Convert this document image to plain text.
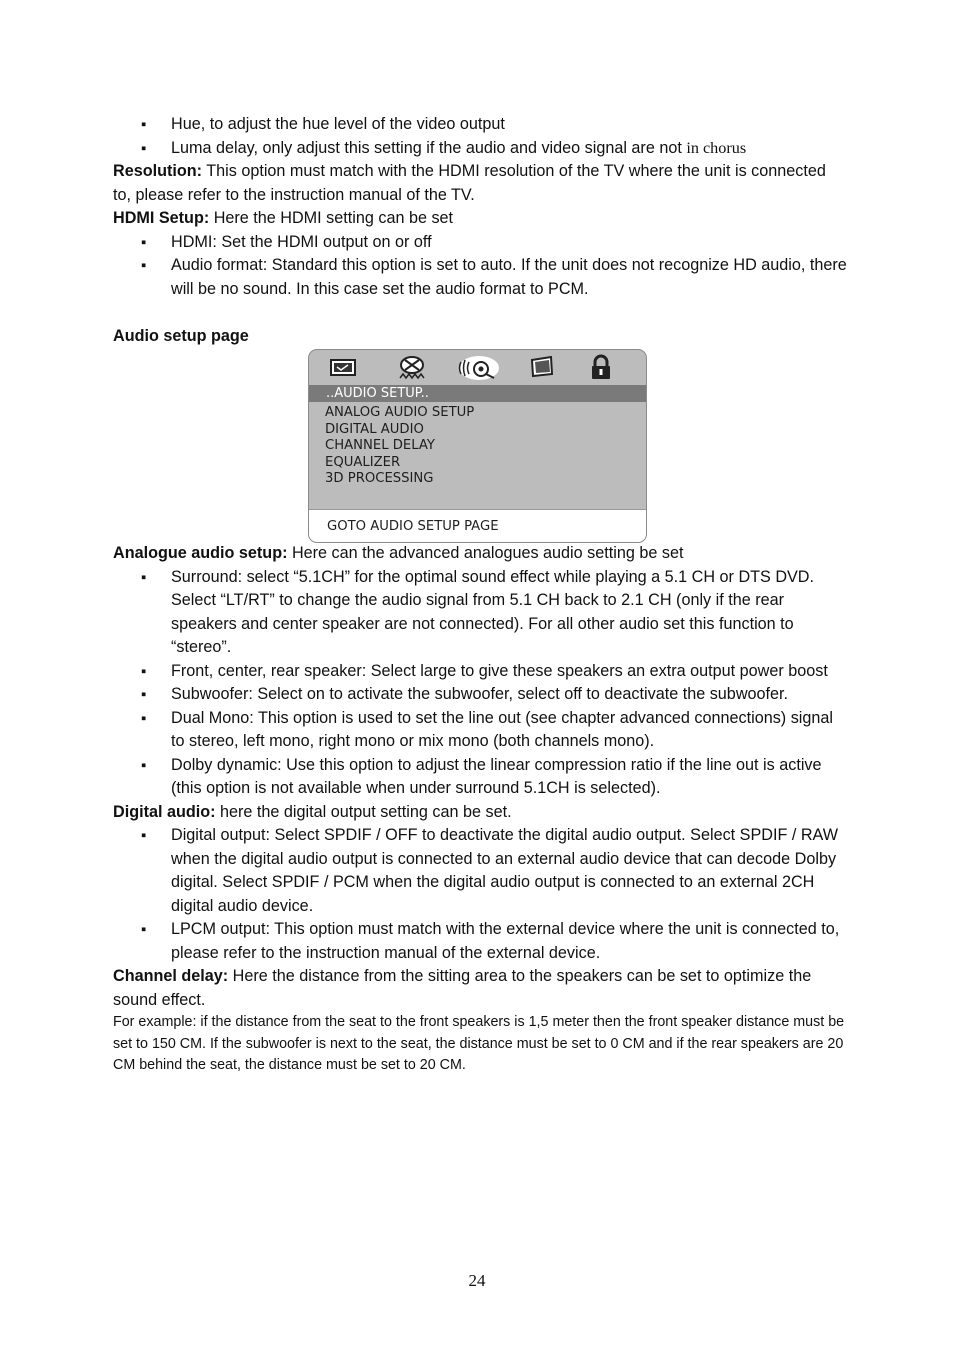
▪ Hue, to adjust the hue level of the video output
▪ Luma delay, only adjust this setting if the audio and video signal are not in chorus
Resolution: This option must match with the HDMI resolution of the TV where the unit is connected to, please refer to the instruction manual of the TV.
HDMI Setup: Here the HDMI setting can be set
▪ HDMI: Set the HDMI output on or off
▪ Audio format: Standard this option is set to auto. If the unit does not recognize HD audio, there will be no sound. In this case set the audio format to PCM.
Audio setup page
..AUDIO SETUP..
ANALOG AUDIO SETUP
DIGITAL AUDIO
CHANNEL DELAY
EQUALIZER
3D PROCESSING
GOTO AUDIO SETUP PAGE
Analogue audio setup: Here can the advanced analogues audio setting be set
▪ Surround: select “5.1CH” for the optimal sound effect while playing a 5.1 CH or DTS DVD. Select “LT/RT” to change the audio signal from 5.1 CH back to 2.1 CH (only if the rear speakers and center speaker are not connected). For all other audio set this function to “stereo”.
▪ Front, center, rear speaker: Select large to give these speakers an extra output power boost
▪ Subwoofer: Select on to activate the subwoofer, select off to deactivate the subwoofer.
▪ Dual Mono: This option is used to set the line out (see chapter advanced connections) signal to stereo, left mono, right mono or mix mono (both channels mono).
▪ Dolby dynamic: Use this option to adjust the linear compression ratio if the line out is active (this option is not available when under surround 5.1CH is selected).
Digital audio: here the digital output setting can be set.
▪ Digital output: Select SPDIF / OFF to deactivate the digital audio output. Select SPDIF / RAW when the digital audio output is connected to an external audio device that can decode Dolby digital. Select SPDIF / PCM when the digital audio output is connected to an external 2CH digital audio device.
▪ LPCM output: This option must match with the external device where the unit is connected to, please refer to the instruction manual of the external device.
Channel delay: Here the distance from the sitting area to the speakers can be set to optimize the sound effect.
For example: if the distance from the seat to the front speakers is 1,5 meter then the front speaker distance must be set to 150 CM. If the subwoofer is next to the seat, the distance must be set to 0 CM and if the rear speakers are 20 CM behind the seat, the distance must be set to 20 CM.
24
